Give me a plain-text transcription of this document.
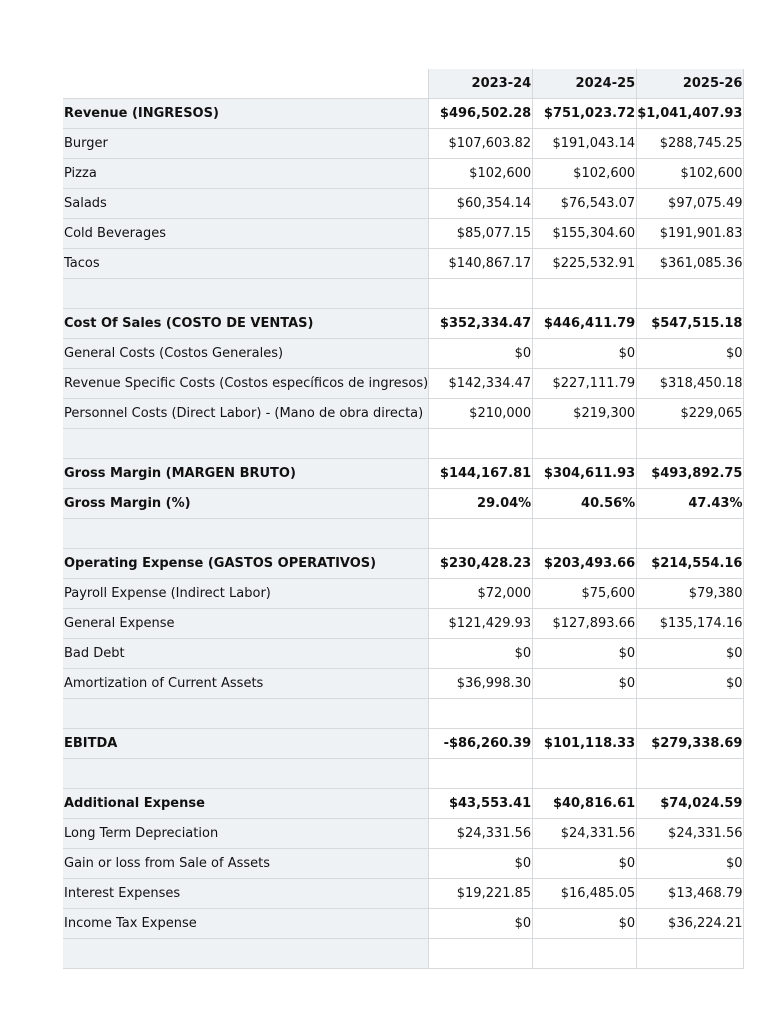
	2023-24	2024-25	2025-26
Revenue (INGRESOS)	$496,502.28	$751,023.72	$1,041,407.93
Burger	$107,603.82	$191,043.14	$288,745.25
Pizza	$102,600	$102,600	$102,600
Salads	$60,354.14	$76,543.07	$97,075.49
Cold Beverages	$85,077.15	$155,304.60	$191,901.83
Tacos	$140,867.17	$225,532.91	$361,085.36

Cost Of Sales (COSTO DE VENTAS)	$352,334.47	$446,411.79	$547,515.18
General Costs (Costos Generales)	$0	$0	$0
Revenue Specific Costs (Costos específicos de ingresos)	$142,334.47	$227,111.79	$318,450.18
Personnel Costs (Direct Labor) - (Mano de obra directa)	$210,000	$219,300	$229,065

Gross Margin (MARGEN BRUTO)	$144,167.81	$304,611.93	$493,892.75
Gross Margin (%)	29.04%	40.56%	47.43%

Operating Expense (GASTOS OPERATIVOS)	$230,428.23	$203,493.66	$214,554.16
Payroll Expense (Indirect Labor)	$72,000	$75,600	$79,380
General Expense	$121,429.93	$127,893.66	$135,174.16
Bad Debt	$0	$0	$0
Amortization of Current Assets	$36,998.30	$0	$0

EBITDA	-$86,260.39	$101,118.33	$279,338.69

Additional Expense	$43,553.41	$40,816.61	$74,024.59
Long Term Depreciation	$24,331.56	$24,331.56	$24,331.56
Gain or loss from Sale of Assets	$0	$0	$0
Interest Expenses	$19,221.85	$16,485.05	$13,468.79
Income Tax Expense	$0	$0	$36,224.21
